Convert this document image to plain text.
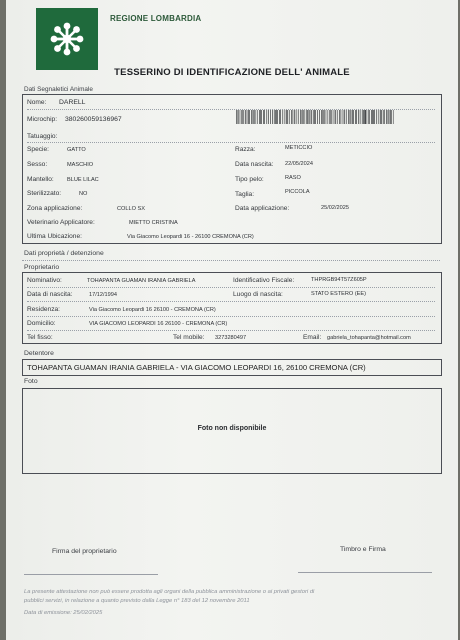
REGIONE LOMBARDIA
TESSERINO DI IDENTIFICAZIONE DELL' ANIMALE
Dati Segnaletici Animale
Nome: DARELL
Microchip: 380260059136967
Tatuaggio:
Specie:	GATTO	Razza:	METICCIO
Sesso:	MASCHIO	Data nascita: 22/05/2024
Mantello: BLUE LILAC	Tipo pelo:	RASO
Sterilizzato:	NO	Taglia:	PICCOLA
Zona applicazione:	COLLO SX	Data applicazione:	25/02/2025
Veterinario Applicatore:	MIETTO CRISTINA
Ultima Ubicazione:	Via Giacomo Leopardi 16 - 26100 CREMONA (CR)
Dati proprietà / detenzione
Proprietario
Nominativo:	TOHAPANTA GUAMAN IRANIA GABRIELA	Identificativo Fiscale:	THPRGB94T57Z605P
Data di nascita:	17/12/1994	Luogo di nascita:	STATO ESTERO (EE)
Residenza:	Via Giacomo Leopardi 16 26100 - CREMONA (CR)
Domicilio:	VIA GIACOMO LEOPARDI 16 26100 - CREMONA (CR)
Tel fisso:	Tel mobile: 3273280497	Email: gabriela_tohapanta@hotmail.com
Detentore
TOHAPANTA GUAMAN IRANIA GABRIELA - VIA GIACOMO LEOPARDI 16, 26100 CREMONA (CR)
Foto
Foto non disponibile
Firma del proprietario	Timbro e Firma
La presente attestazione non può essere prodotta agli organi della pubblica amministrazione o ai privati gestori di
pubblici servizi, in relazione a quanto previsto dalla Legge n° 183 del 12 novembre 2011
Data di emissione: 25/02/2025
